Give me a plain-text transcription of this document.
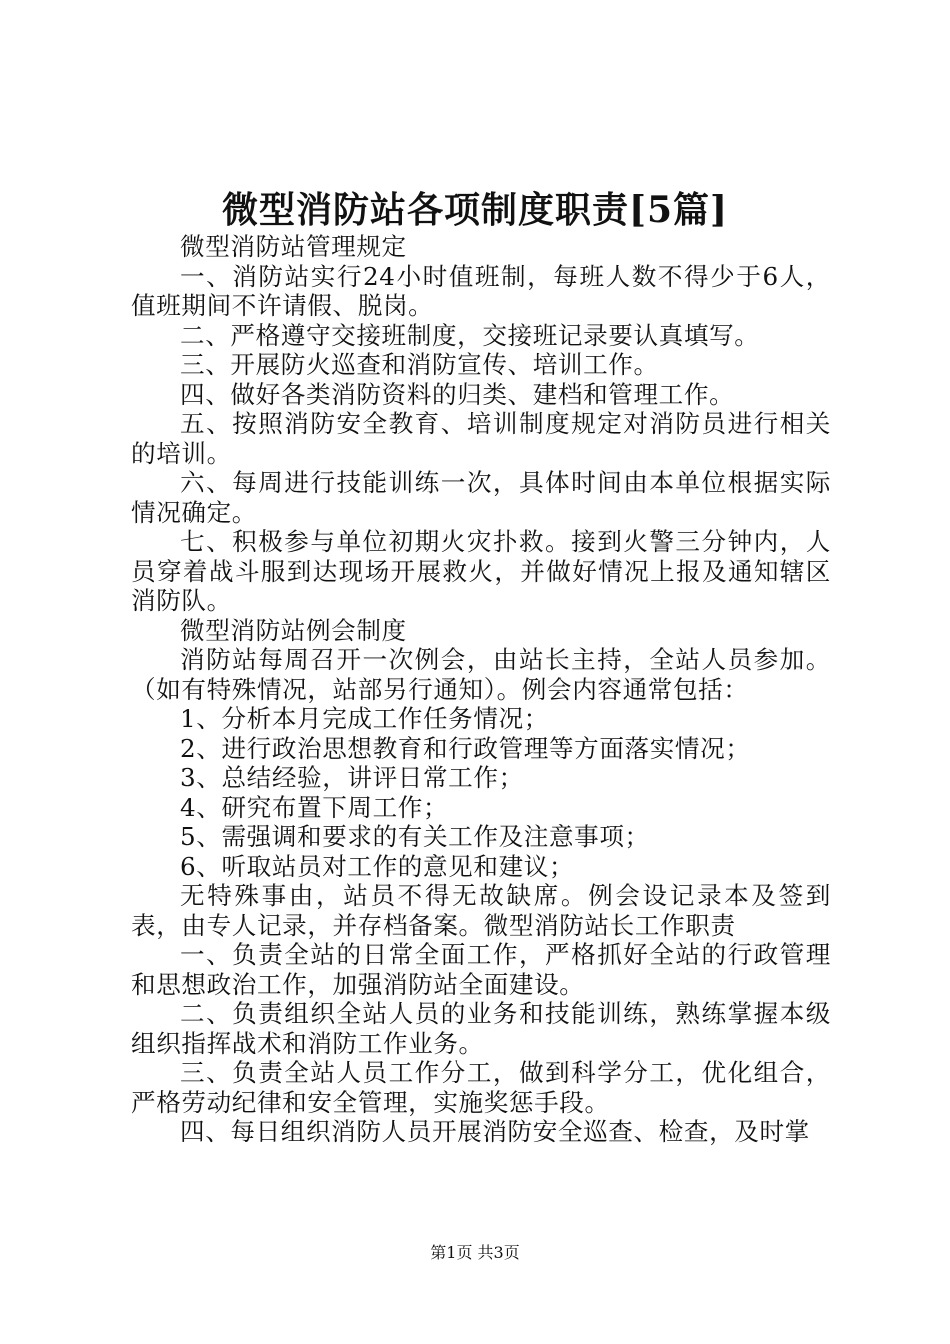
微型消防站各项制度职责[5篇]

微型消防站管理规定

一、消防站实行24小时值班制，每班人数不得少于6人，值班期间不许请假、脱岗。

二、严格遵守交接班制度，交接班记录要认真填写。

三、开展防火巡查和消防宣传、培训工作。

四、做好各类消防资料的归类、建档和管理工作。

五、按照消防安全教育、培训制度规定对消防员进行相关的培训。

六、每周进行技能训练一次，具体时间由本单位根据实际情况确定。

七、积极参与单位初期火灾扑救。接到火警三分钟内，人员穿着战斗服到达现场开展救火，并做好情况上报及通知辖区消防队。

微型消防站例会制度

消防站每周召开一次例会，由站长主持，全站人员参加。（如有特殊情况，站部另行通知）。例会内容通常包括：

1、分析本月完成工作任务情况；

2、进行政治思想教育和行政管理等方面落实情况；

3、总结经验，讲评日常工作；

4、研究布置下周工作；

5、需强调和要求的有关工作及注意事项；

6、听取站员对工作的意见和建议；

无特殊事由，站员不得无故缺席。例会设记录本及签到表，由专人记录，并存档备案。微型消防站长工作职责

一、负责全站的日常全面工作，严格抓好全站的行政管理和思想政治工作，加强消防站全面建设。

二、负责组织全站人员的业务和技能训练，熟练掌握本级组织指挥战术和消防工作业务。

三、负责全站人员工作分工，做到科学分工，优化组合，严格劳动纪律和安全管理，实施奖惩手段。

四、每日组织消防人员开展消防安全巡查、检查，及时掌

第1页 共3页
